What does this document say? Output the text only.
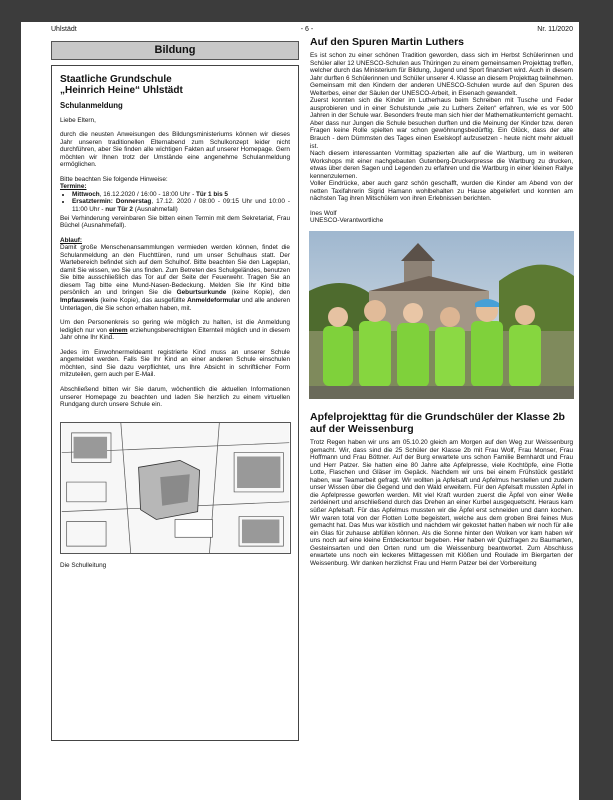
Uhlstädt	- 6 -	Nr. 11/2020
Bildung
Staatliche Grundschule
„Heinrich Heine“ Uhlstädt
Schulanmeldung

Liebe Eltern,

durch die neusten Anweisungen des Bildungsministeriums können wir dieses Jahr unseren traditionellen Elternabend zum Schulkonzept leider nicht durchführen, aber Sie finden alle wichtigen Fakten auf unserer Homepage. Gern möchten wir Ihnen trotz der Umstände eine angenehme Schulanmeldung ermöglichen.

Bitte beachten Sie folgende Hinweise:

Termine:
• Mittwoch, 16.12.2020 / 16:00 - 18:00 Uhr - Tür 1 bis 5
• Ersatztermin: Donnerstag, 17.12. 2020 / 08:00 - 09:15 Uhr und 10:00 - 11:00 Uhr - nur Tür 2 (Ausnahmefall)

Bei Verhinderung vereinbaren Sie bitten einen Termin mit dem Sekretariat, Frau Büchel (Ausnahmefall).

Ablauf:

Damit große Menschenansammlungen vermieden werden können, findet die Schulanmeldung an den Fluchttüren, rund um unser Schulhaus statt. Der Wartebereich befindet sich auf dem Schulhof. Bitte beachten Sie den Lageplan, damit Sie wissen, wo Sie uns finden. Zum Betreten des Schulgeländes, benutzen Sie bitte ausschließlich das Tor auf der Seite der Feuerwehr. Tragen Sie an diesem Tag bitte eine Mund-Nasen-Bedeckung. Melden Sie Ihr Kind bitte persönlich an und bringen Sie die Geburtsurkunde (keine Kopie), den Impfausweis (keine Kopie), das ausgefüllte Anmeldeformular und alle anderen Unterlagen, die Sie schon erhalten haben, mit.

Um den Personenkreis so gering wie möglich zu halten, ist die Anmeldung lediglich nur von einem erziehungsberechtigten Elternteil möglich und in diesem Jahr ohne Ihr Kind.

Jedes im Einwohnermeldeamt registrierte Kind muss an unserer Schule angemeldet werden. Falls Sie Ihr Kind an einer anderen Schule einschulen möchten, sind Sie dazu verpflichtet, uns Ihre Absicht in schriftlicher Form mitzuteilen, gern auch per E-Mail.

Abschließend bitten wir Sie darum, wöchentlich die aktuellen Informationen unserer Homepage zu beachten und laden Sie herzlich zu einem virtuellen Rundgang durch unsere Schule ein.

Die Schulleitung

Auf den Spuren Martin Luthers

Es ist schon zu einer schönen Tradition geworden, dass sich im Herbst Schülerinnen und Schüler aller 12 UNESCO-Schulen aus Thüringen zu einem gemeinsamen Projekttag treffen, welcher durch das Ministerium für Bildung, Jugend und Sport finanziert wird. Auch in diesem Jahr durften 6 Schülerinnen und Schüler unserer 4. Klasse an diesem Projekttag teilnehmen. Gemeinsam mit den Kindern der anderen UNESCO-Schulen wurde auf den Spuren des Welterbes, einer der Säulen der UNESCO-Arbeit, in Eisenach gewandelt.

Zuerst konnten sich die Kinder im Lutherhaus beim Schreiben mit Tusche und Feder ausprobieren und in einer Schulstunde „wie zu Luthers Zeiten“ erfahren, wie es vor 500 Jahren in der Schule war. Besonders freute man sich hier der Mathematikunterricht gemacht. Aber dass nur Jungen die Schule besuchen durften und die Meinung der Kinder bzw. deren Fragen keine Rolle spielten war schon gewöhnungsbedürftig. Ein Glück, dass der alte Brauch - dem Dümmsten des Tages einen Eselskopf aufzusetzen - heute nicht mehr aktuell ist.

Nach diesem interessanten Vormittag spazierten alle auf die Wartburg, um in weiteren Workshops mit einer nachgebauten Gutenberg-Druckerpresse die Wartburg zu drucken, etwas über deren Sagen und Legenden zu erfahren und die Wartburg in einer kleinen Rallye kennenzulernen.

Voller Eindrücke, aber auch ganz schön geschafft, wurden die Kinder am Abend von der netten Taxifahrerin Sigrid Hamann wohlbehalten zu Hause abgeliefert und konnten am nächsten Tag ihren Mitschülern von ihren Erlebnissen berichten.

Ines Wolf
UNESCO-Verantwortliche
Apfelprojekttag für die Grundschüler der Klasse 2b auf der Weissenburg

Trotz Regen haben wir uns am 05.10.20 gleich am Morgen auf den Weg zur Weissenburg gemacht. Wir, dass sind die 25 Schüler der Klasse 2b mit Frau Wolf, Frau Monser, Frau Hoffmann und Frau Böttner. Auf der Burg erwartete uns schon Familie Bernhardt und Frau und Herr Patzer. Sie hatten eine 80 Jahre alte Apfelpresse, viele Kochtöpfe, eine Flotte Lotte, Flaschen und Gläser im Gepäck. Nachdem wir uns bei einem Frühstück gestärkt haben, war Teamarbeit gefragt. Wir wollten ja Apfelsaft und Apfelmus herstellen und zudem unser Wissen über die Gegend und den Wald erweitern. Für den Apfelsaft mussten Äpfel in die Apfelpresse geworfen werden. Mit viel Kraft wurden zuerst die Äpfel von einer Welle zerkleinert und anschließend durch das Drehen an einer Kurbel ausgequetscht. Heraus kam süßer Apfelsaft. Für das Apfelmus mussten wir die Äpfel erst schneiden und dann kochen. Wir waren total von der Flotten Lotte begeistert, welche aus dem groben Brei feines Mus gemacht hat. Das Mus war köstlich und nachdem wir gekostet hatten haben wir noch für alle ein Glas für zuhause abfüllen können. Als die Sonne hinter den Wolken vor kam haben wir uns noch auf eine kleine Entdeckertour begeben. Hier haben wir Quizfragen zu Baumarten, Gesteinsarten und den Orten rund um die Weissenburg beantwortet. Zum Abschluss erwartete uns noch ein leckeres Mittagessen mit Klößen und Roulade im Biergarten der Weissenburg. Wir danken herzlichst Frau und Herrn Patzer bei der Vorbereitung
